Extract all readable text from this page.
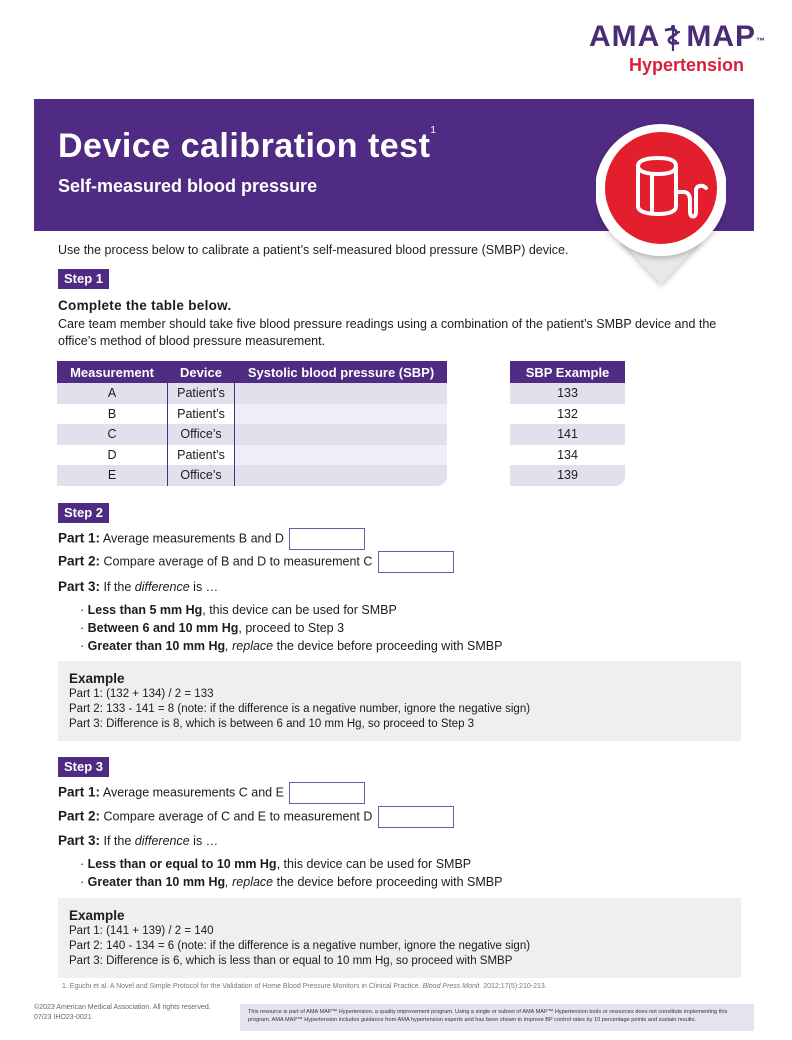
AMA MAP™
Hypertension
Device calibration test$^1$
Self-measured blood pressure
Use the process below to calibrate a patient’s self-measured blood pressure (SMBP) device.
Step 1
Complete the table below.
Care team member should take five blood pressure readings using a combination of the patient’s SMBP device and the office’s method of blood pressure measurement.
Measurement	Device	Systolic blood pressure (SBP)
A	Patient’s	
B	Patient’s	
C	Office’s	
D	Patient’s	
E	Office’s	
SBP Example
133
132
141
134
139
Step 2
Part 1: Average measurements B and D
Part 2: Compare average of B and D to measurement C
Part 3: If the difference is …
· Less than 5 mm Hg, this device can be used for SMBP
· Between 6 and 10 mm Hg, proceed to Step 3
· Greater than 10 mm Hg, replace the device before proceeding with SMBP
Example
Part 1: (132 + 134) / 2 = 133
Part 2: 133 - 141 = 8 (note: if the difference is a negative number, ignore the negative sign)
Part 3: Difference is 8, which is between 6 and 10 mm Hg, so proceed to Step 3
Step 3
Part 1: Average measurements C and E
Part 2: Compare average of C and E to measurement D
Part 3: If the difference is …
· Less than or equal to 10 mm Hg, this device can be used for SMBP
· Greater than 10 mm Hg, replace the device before proceeding with SMBP
Example
Part 1: (141 + 139) / 2 = 140
Part 2: 140 - 134 = 6 (note: if the difference is a negative number, ignore the negative sign)
Part 3: Difference is 6, which is less than or equal to 10 mm Hg, so proceed with SMBP
1. Eguchi et al. A Novel and Simple Protocol for the Validation of Home Blood Pressure Monitors in Clinical Practice. Blood Press Monit. 2012;17(5):210-213.
©2023 American Medical Association. All rights reserved.
07/23 IHO23-0021
This resource is part of AMA MAP™ Hypertension, a quality improvement program. Using a single or subset of AMA MAP™ Hypertension tools or resources does not constitute implementing this program. AMA MAP™ Hypertension includes guidance from AMA hypertension experts and has been shown to improve BP control rates by 10 percentage points and sustain results.
